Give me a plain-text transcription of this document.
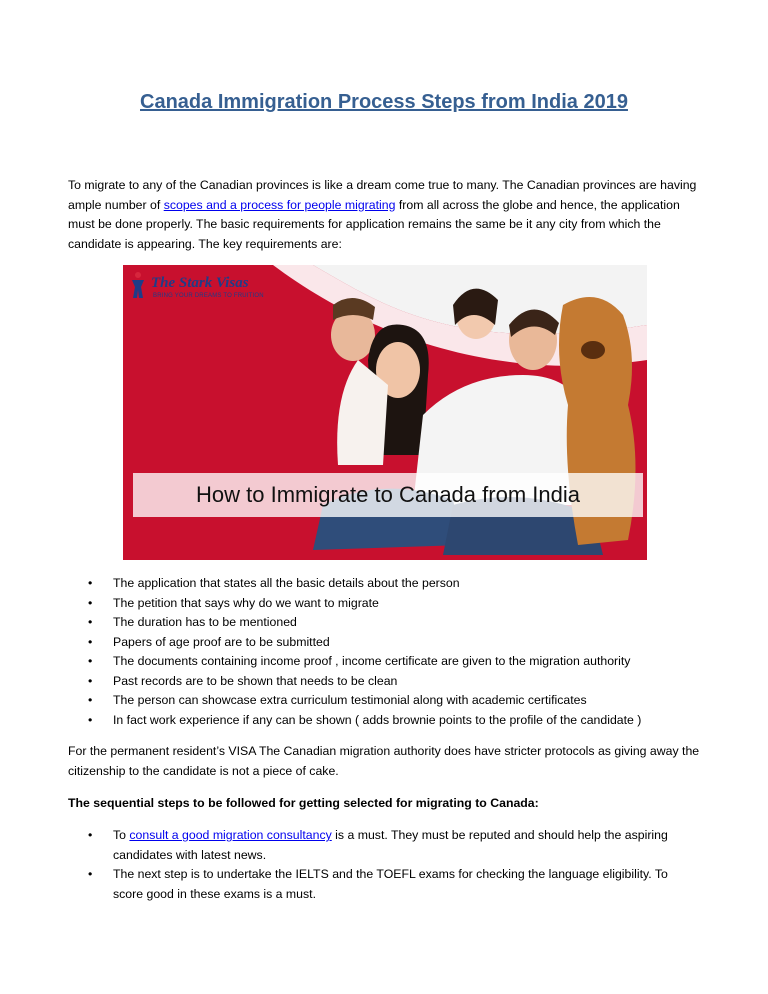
Canada Immigration Process Steps from India 2019

To migrate to any of the Canadian provinces is like a dream come true to many. The Canadian provinces are having ample number of scopes and a process for people migrating from all across the globe and hence, the application must be done properly. The basic requirements for application remains the same be it any city from which the candidate is appearing. The key requirements are:

The Stark Visas
BRING YOUR DREAMS TO FRUITION
How to Immigrate to Canada from India
• The application that states all the basic details about the person
• The petition that says why do we want to migrate
• The duration has to be mentioned
• Papers of age proof are to be submitted
• The documents containing income proof , income certificate are given to the migration authority
• Past records are to be shown that needs to be clean
• The person can showcase extra curriculum testimonial along with academic certificates
• In fact work experience if any can be shown ( adds brownie points to the profile of the candidate )

For the permanent resident’s VISA The Canadian migration authority does have stricter protocols as giving away the citizenship to the candidate is not a piece of cake.

The sequential steps to be followed for getting selected for migrating to Canada:

• To consult a good migration consultancy is a must. They must be reputed and should help the aspiring candidates with latest news.
• The next step is to undertake the IELTS and the TOEFL exams for checking the language eligibility. To score good in these exams is a must.
